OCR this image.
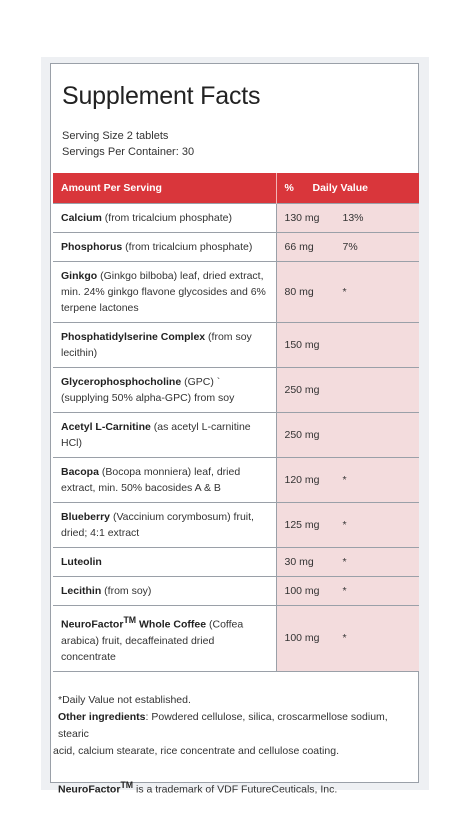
Supplement Facts
Serving Size 2 tablets
Servings Per Container: 30
Amount Per Serving	% Daily Value
Calcium (from tricalcium phosphate)	130 mg 13%
Phosphorus (from tricalcium phosphate)	66 mg 7%
Ginkgo (Ginkgo bilboba) leaf, dried extract, min. 24% ginkgo flavone glycosides and 6% terpene lactones	80 mg *
Phosphatidylserine Complex (from soy lecithin)	150 mg
Glycerophosphocholine (GPC) ` (supplying 50% alpha-GPC) from soy	250 mg
Acetyl L-Carnitine (as acetyl L-carnitine HCl)	250 mg
Bacopa (Bocopa monniera) leaf, dried extract, min. 50% bacosides A & B	120 mg *
Blueberry (Vaccinium corymbosum) fruit, dried; 4:1 extract	125 mg *
Luteolin	30 mg *
Lecithin (from soy)	100 mg *
NeuroFactor™ Whole Coffee (Coffea arabica) fruit, decaffeinated dried concentrate	100 mg *
*Daily Value not established.
Other ingredients: Powdered cellulose, silica, croscarmellose sodium, stearic
acid, calcium stearate, rice concentrate and cellulose coating.
NeuroFactor™ is a trademark of VDF FutureCeuticals, Inc.
